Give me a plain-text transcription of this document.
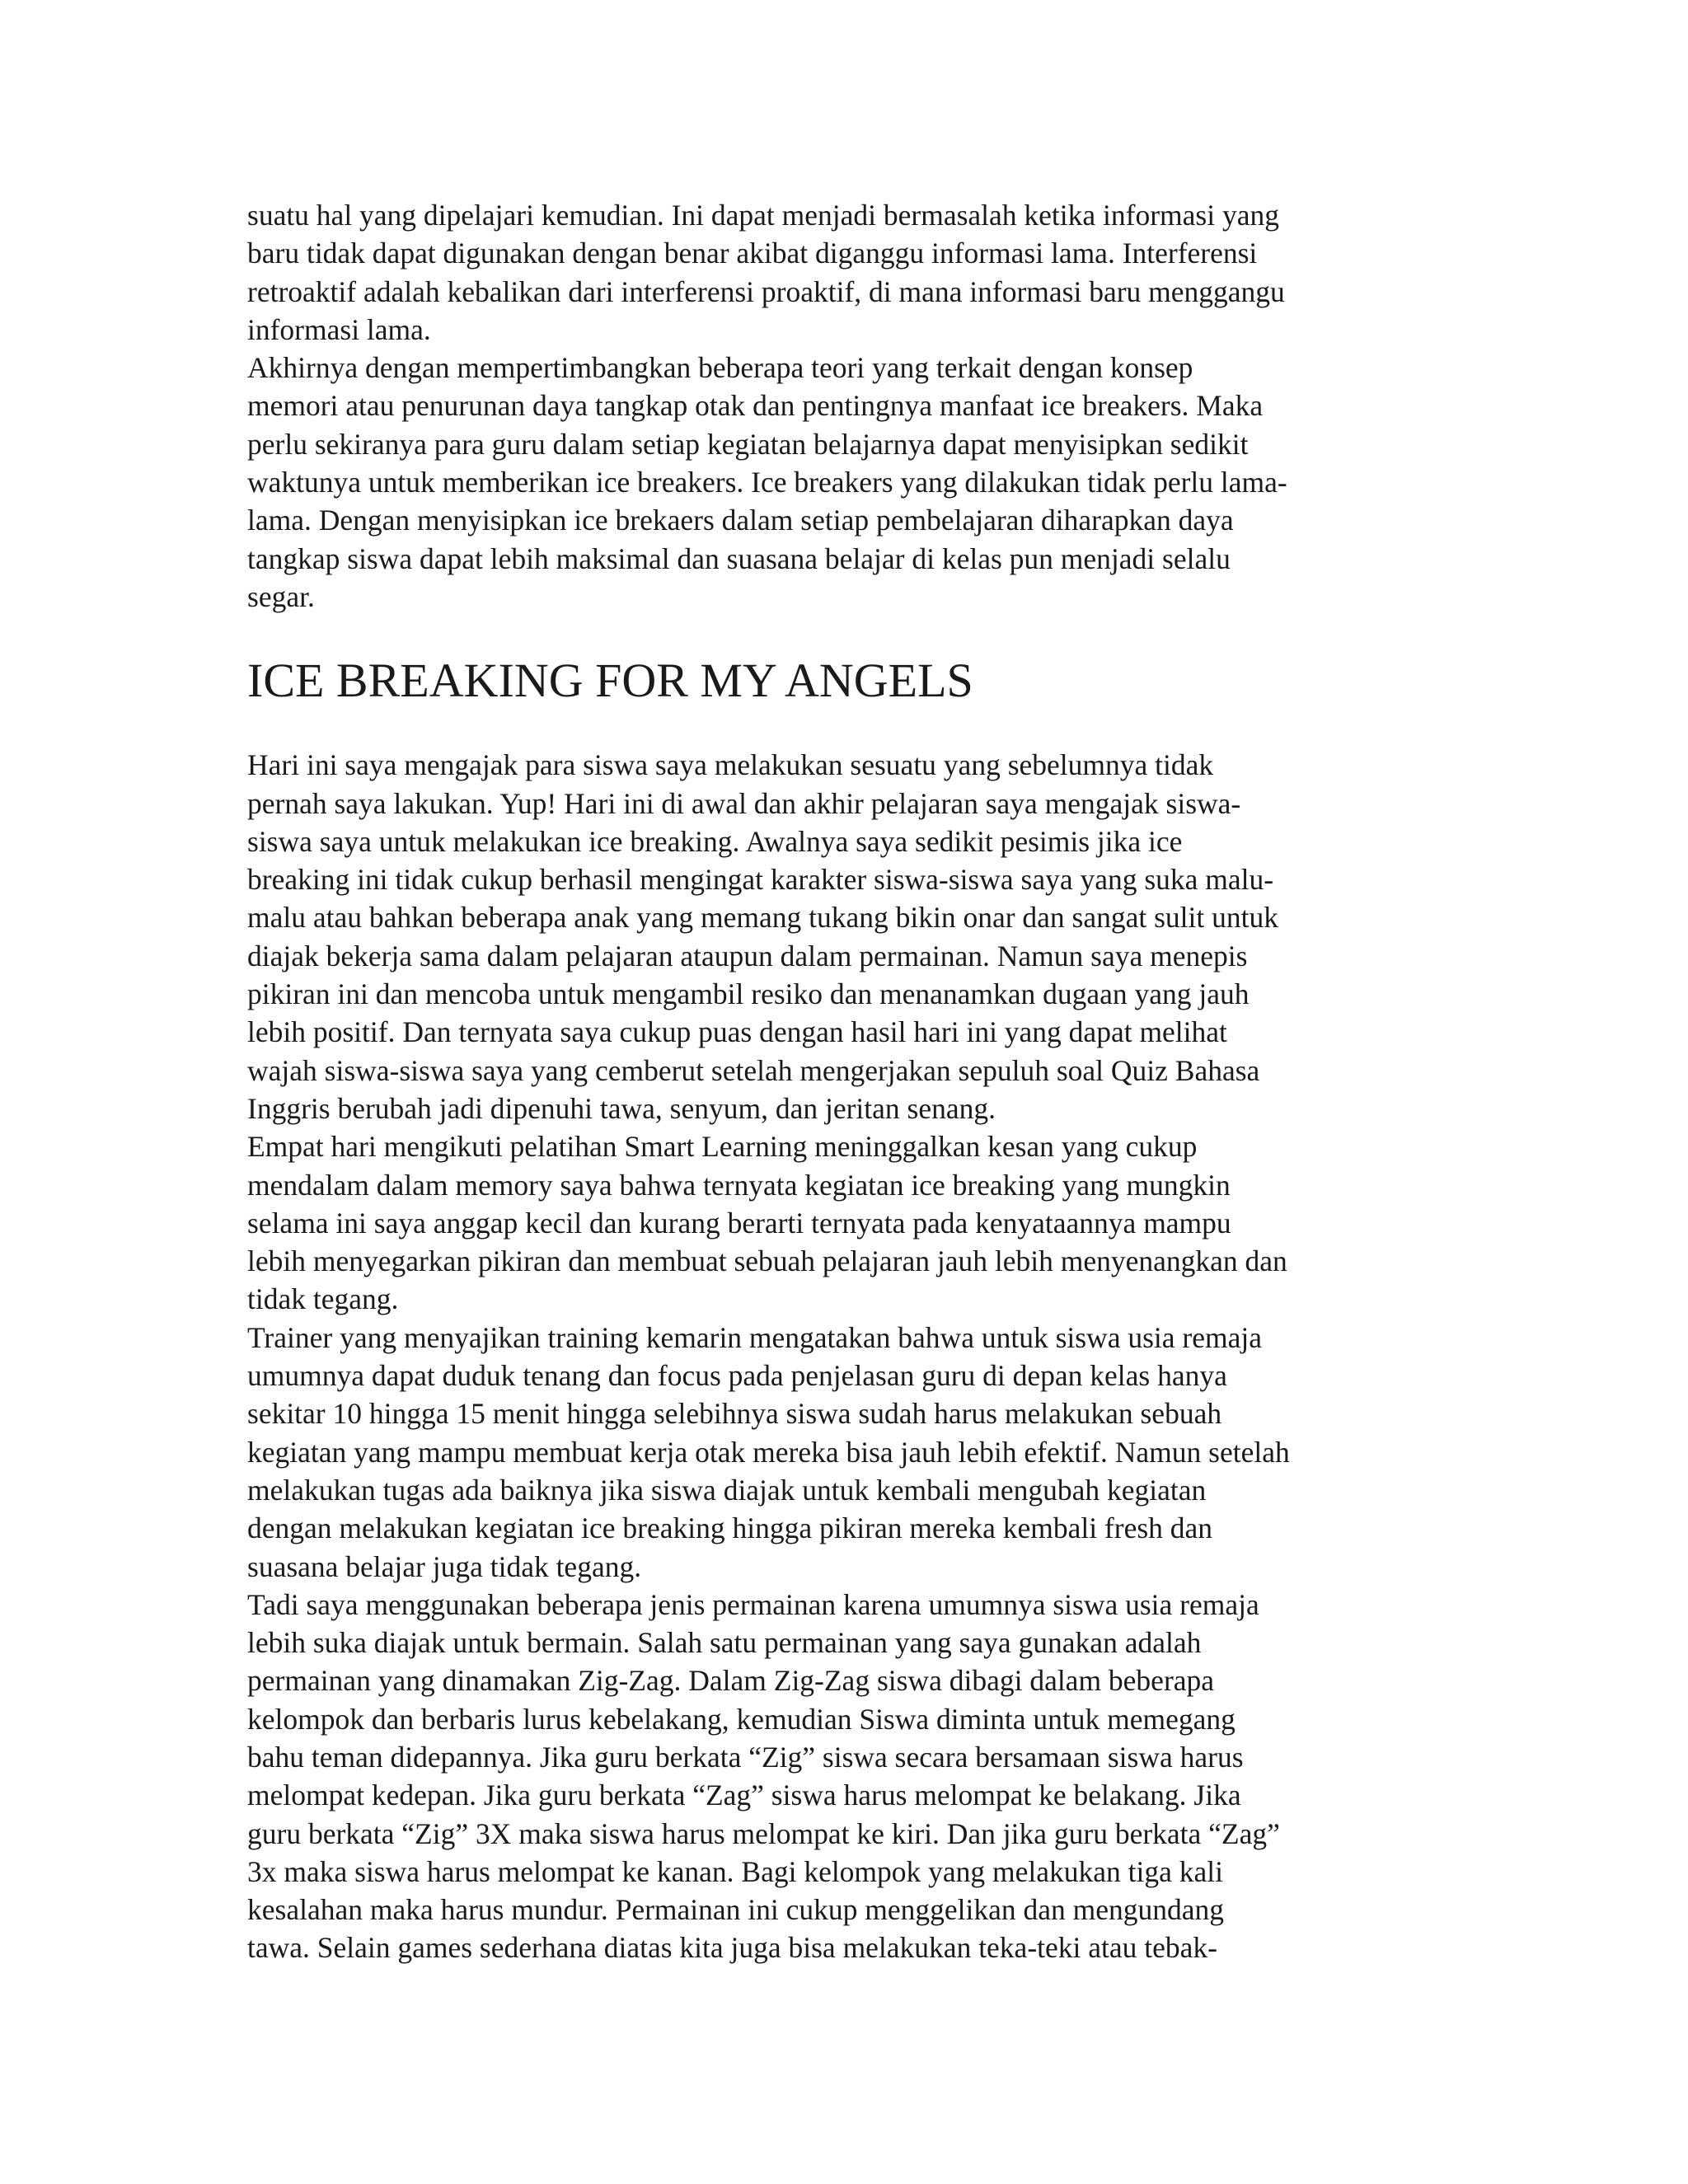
suatu hal yang dipelajari kemudian. Ini dapat menjadi bermasalah ketika informasi yang
baru tidak dapat digunakan dengan benar akibat diganggu informasi lama. Interferensi
retroaktif adalah kebalikan dari interferensi proaktif, di mana informasi baru menggangu
informasi lama.
Akhirnya dengan mempertimbangkan beberapa teori yang terkait dengan konsep
memori atau penurunan daya tangkap otak dan pentingnya manfaat ice breakers. Maka
perlu sekiranya para guru dalam setiap kegiatan belajarnya dapat menyisipkan sedikit
waktunya untuk memberikan ice breakers. Ice breakers yang dilakukan tidak perlu lama-
lama. Dengan menyisipkan ice brekaers dalam setiap pembelajaran diharapkan daya
tangkap siswa dapat lebih maksimal dan suasana belajar di kelas pun menjadi selalu
segar.
ICE BREAKING FOR MY ANGELS
Hari ini saya mengajak para siswa saya melakukan sesuatu yang sebelumnya tidak
pernah saya lakukan. Yup! Hari ini di awal dan akhir pelajaran saya mengajak siswa-
siswa saya untuk melakukan ice breaking. Awalnya saya sedikit pesimis jika ice
breaking ini tidak cukup berhasil mengingat karakter siswa-siswa saya yang suka malu-
malu atau bahkan beberapa anak yang memang tukang bikin onar dan sangat sulit untuk
diajak bekerja sama dalam pelajaran ataupun dalam permainan. Namun saya menepis
pikiran ini dan mencoba untuk mengambil resiko dan menanamkan dugaan yang jauh
lebih positif. Dan ternyata saya cukup puas dengan hasil hari ini yang dapat melihat
wajah siswa-siswa saya yang cemberut setelah mengerjakan sepuluh soal Quiz Bahasa
Inggris berubah jadi dipenuhi tawa, senyum, dan jeritan senang.
Empat hari mengikuti pelatihan Smart Learning meninggalkan kesan yang cukup
mendalam dalam memory saya bahwa ternyata kegiatan ice breaking yang mungkin
selama ini saya anggap kecil dan kurang berarti ternyata pada kenyataannya mampu
lebih menyegarkan pikiran dan membuat sebuah pelajaran jauh lebih menyenangkan dan
tidak tegang.
Trainer yang menyajikan training kemarin mengatakan bahwa untuk siswa usia remaja
umumnya dapat duduk tenang dan focus pada penjelasan guru di depan kelas hanya
sekitar 10 hingga 15 menit hingga selebihnya siswa sudah harus melakukan sebuah
kegiatan yang mampu membuat kerja otak mereka bisa jauh lebih efektif. Namun setelah
melakukan tugas ada baiknya jika siswa diajak untuk kembali mengubah kegiatan
dengan melakukan kegiatan ice breaking hingga pikiran mereka kembali fresh dan
suasana belajar juga tidak tegang.
Tadi saya menggunakan beberapa jenis permainan karena umumnya siswa usia remaja
lebih suka diajak untuk bermain. Salah satu permainan yang saya gunakan adalah
permainan yang dinamakan Zig-Zag. Dalam Zig-Zag siswa dibagi dalam beberapa
kelompok dan berbaris lurus kebelakang, kemudian Siswa diminta untuk memegang
bahu teman didepannya. Jika guru berkata “Zig” siswa secara bersamaan siswa harus
melompat kedepan. Jika guru berkata “Zag” siswa harus melompat ke belakang. Jika
guru berkata “Zig” 3X maka siswa harus melompat ke kiri. Dan jika guru berkata “Zag”
3x maka siswa harus melompat ke kanan. Bagi kelompok yang melakukan tiga kali
kesalahan maka harus mundur. Permainan ini cukup menggelikan dan mengundang
tawa. Selain games sederhana diatas kita juga bisa melakukan teka-teki atau tebak-
